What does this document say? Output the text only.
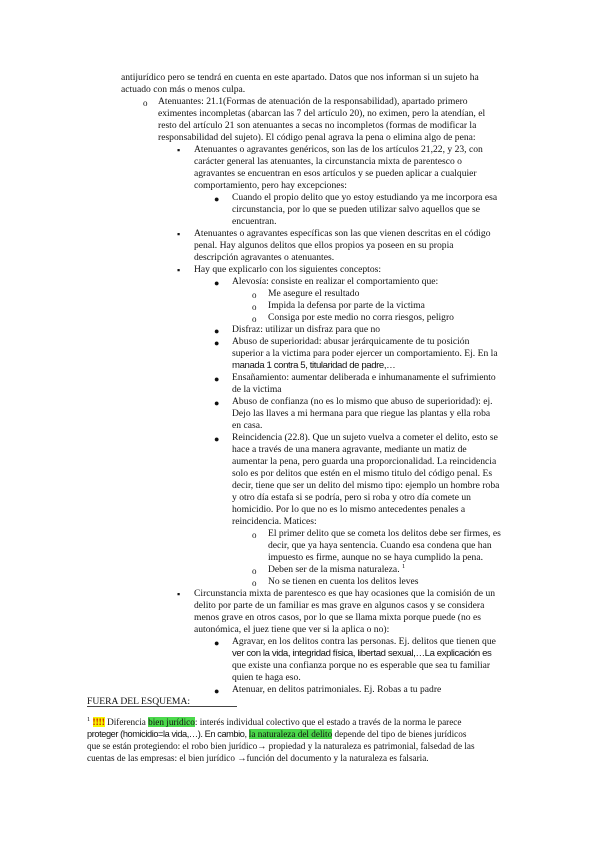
antijurídico pero se tendrá en cuenta en este apartado. Datos que nos informan si un sujeto ha

actuado con más o menos culpa.

o Atenuantes: 21.1(Formas de atenuación de la responsabilidad), apartado primero

eximentes incompletas (abarcan las 7 del artículo 20), no eximen, pero la atendían, el

resto del artículo 21 son atenuantes a secas no incompletos (formas de modificar la

responsabilidad del sujeto). El código penal agrava la pena o elimina algo de pena:

▪ Atenuantes o agravantes genéricos, son las de los artículos 21,22, y 23, con

carácter general las atenuantes, la circunstancia mixta de parentesco o

agravantes se encuentran en esos artículos y se pueden aplicar a cualquier

comportamiento, pero hay excepciones:

● Cuando el propio delito que yo estoy estudiando ya me incorpora esa

circunstancia, por lo que se pueden utilizar salvo aquellos que se

encuentran.

▪ Atenuantes o agravantes específicas son las que vienen descritas en el código

penal. Hay algunos delitos que ellos propios ya poseen en su propia

descripción agravantes o atenuantes.

▪ Hay que explicarlo con los siguientes conceptos:

● Alevosía: consiste en realizar el comportamiento que:

o Me asegure el resultado

o Impida la defensa por parte de la victima

o Consiga por este medio no corra riesgos, peligro

● Disfraz: utilizar un disfraz para que no

● Abuso de superioridad: abusar jerárquicamente de tu posición

superior a la victima para poder ejercer un comportamiento. Ej. En la

manada 1 contra 5, titularidad de padre,…

● Ensañamiento: aumentar deliberada e inhumanamente el sufrimiento

de la victima

● Abuso de confianza (no es lo mismo que abuso de superioridad): ej.

Dejo las llaves a mi hermana para que riegue las plantas y ella roba

en casa.

● Reincidencia (22.8). Que un sujeto vuelva a cometer el delito, esto se

hace a través de una manera agravante, mediante un matiz de

aumentar la pena, pero guarda una proporcionalidad. La reincidencia

solo es por delitos que estén en el mismo titulo del código penal. Es

decir, tiene que ser un delito del mismo tipo: ejemplo un hombre roba

y otro día estafa si se podría, pero si roba y otro día comete un

homicidio. Por lo que no es lo mismo antecedentes penales a

reincidencia. Matices:

o El primer delito que se cometa los delitos debe ser firmes, es

decir, que ya haya sentencia. Cuando esa condena que han

impuesto es firme, aunque no se haya cumplido la pena.

o Deben ser de la misma naturaleza. $^1$

o No se tienen en cuenta los delitos leves

▪ Circunstancia mixta de parentesco es que hay ocasiones que la comisión de un

delito por parte de un familiar es mas grave en algunos casos y se considera

menos grave en otros casos, por lo que se llama mixta porque puede (no es

autonómica, el juez tiene que ver si la aplica o no):

● Agravar, en los delitos contra las personas. Ej. delitos que tienen que

ver con la vida, integridad física, libertad sexual,…La explicación es

que existe una confianza porque no es esperable que sea tu familiar

quien te haga eso.

● Atenuar, en delitos patrimoniales. Ej. Robas a tu padre

FUERA DEL ESQUEMA:

$^1$ !!!! Diferencia bien jurídico: interés individual colectivo que el estado a través de la norma le parece

proteger (homicidio=la vida,…). En cambio, la naturaleza del delito depende del tipo de bienes jurídicos

que se están protegiendo: el robo bien jurídico→ propiedad y la naturaleza es patrimonial, falsedad de las

cuentas de las empresas: el bien jurídico →función del documento y la naturaleza es falsaria.
